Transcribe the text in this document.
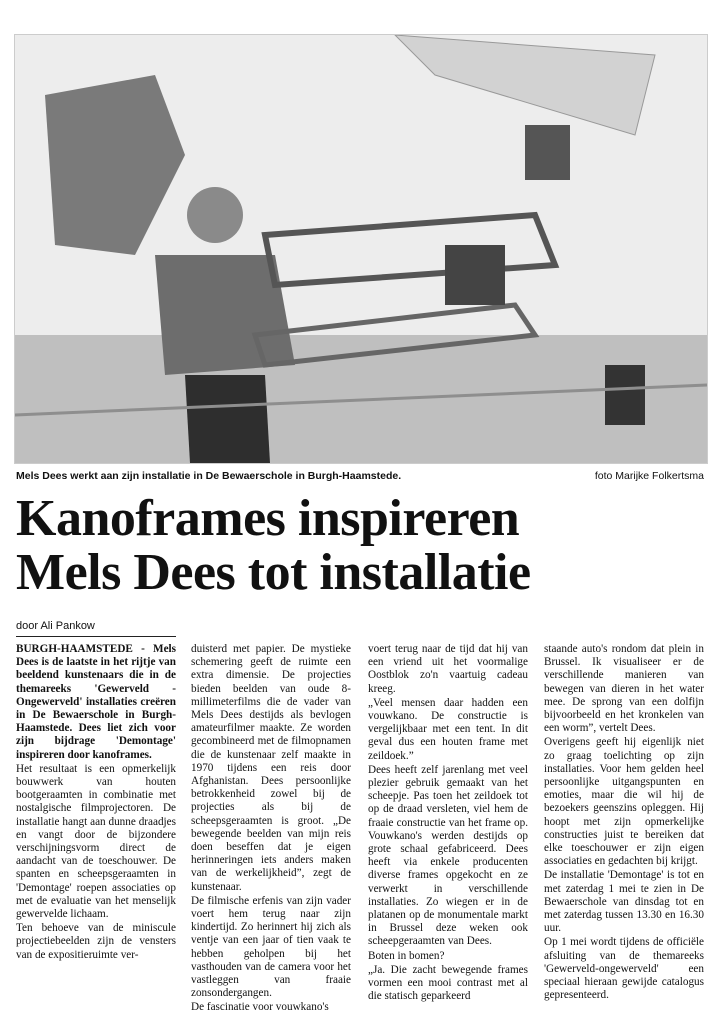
Mels Dees werkt aan zijn installatie in De Bewaerschole in Burgh-Haamstede.	foto Marijke Folkertsma
Kanoframes inspireren
Mels Dees tot installatie
door Ali Pankow

BURGH-HAAMSTEDE - Mels Dees is de laatste in het rijtje van beeldend kunstenaars die in de themareeks 'Gewerveld - Ongewerveld' installaties creëren in De Bewaerschole in Burgh-Haamstede. Dees liet zich voor zijn bijdrage 'Demontage' inspireren door kanoframes.

Het resultaat is een opmerkelijk bouwwerk van houten bootgeraamten in combinatie met nostalgische filmprojectoren. De installatie hangt aan dunne draadjes en vangt door de bijzondere verschijningsvorm direct de aandacht van de toeschouwer. De spanten en scheepsgeraamten in 'Demontage' roepen associaties op met de evaluatie van het menselijk gewervelde lichaam.

Ten behoeve van de miniscule projectiebeelden zijn de vensters van de expositieruimte ver-

duisterd met papier. De mystieke schemering geeft de ruimte een extra dimensie. De projecties bieden beelden van oude 8-millimeterfilms die de vader van Mels Dees destijds als bevlogen amateurfilmer maakte. Ze worden gecombineerd met de filmopnamen die de kunstenaar zelf maakte in 1970 tijdens een reis door Afghanistan. Dees persoonlijke betrokkenheid zowel bij de projecties als bij de scheepsgeraamten is groot. „De bewegende beelden van mijn reis doen beseffen dat je eigen herinneringen iets anders maken van de werkelijkheid”, zegt de kunstenaar.

De filmische erfenis van zijn vader voert hem terug naar zijn kindertijd. Zo herinnert hij zich als ventje van een jaar of tien vaak te hebben geholpen bij het vasthouden van de camera voor het vastleggen van fraaie zonsondergangen.

De fascinatie voor vouwkano's

voert terug naar de tijd dat hij van een vriend uit het voormalige Oostblok zo'n vaartuig cadeau kreeg.

„Veel mensen daar hadden een vouwkano. De constructie is vergelijkbaar met een tent. In dit geval dus een houten frame met zeildoek.”

Dees heeft zelf jarenlang met veel plezier gebruik gemaakt van het scheepje. Pas toen het zeildoek tot op de draad versleten, viel hem de fraaie constructie van het frame op. Vouwkano's werden destijds op grote schaal gefabriceerd. Dees heeft via enkele producenten diverse frames opgekocht en ze verwerkt in verschillende installaties. Zo wiegen er in de platanen op de monumentale markt in Brussel deze weken ook scheepgeraamten van Dees.

Boten in bomen?

„Ja. Die zacht bewegende frames vormen een mooi contrast met al die statisch geparkeerd

staande auto's rondom dat plein in Brussel. Ik visualiseer er de verschillende manieren van bewegen van dieren in het water mee. De sprong van een dolfijn bijvoorbeeld en het kronkelen van een worm”, vertelt Dees.

Overigens geeft hij eigenlijk niet zo graag toelichting op zijn installaties. Voor hem gelden heel persoonlijke uitgangspunten en emoties, maar die wil hij de bezoekers geenszins opleggen. Hij hoopt met zijn opmerkelijke constructies juist te bereiken dat elke toeschouwer er zijn eigen associaties en gedachten bij krijgt.

De installatie 'Demontage' is tot en met zaterdag 1 mei te zien in De Bewaerschole van dinsdag tot en met zaterdag tussen 13.30 en 16.30 uur.

Op 1 mei wordt tijdens de officiële afsluiting van de themareeks 'Gewerveld-ongewerveld' een speciaal hieraan gewijde catalogus gepresenteerd.
